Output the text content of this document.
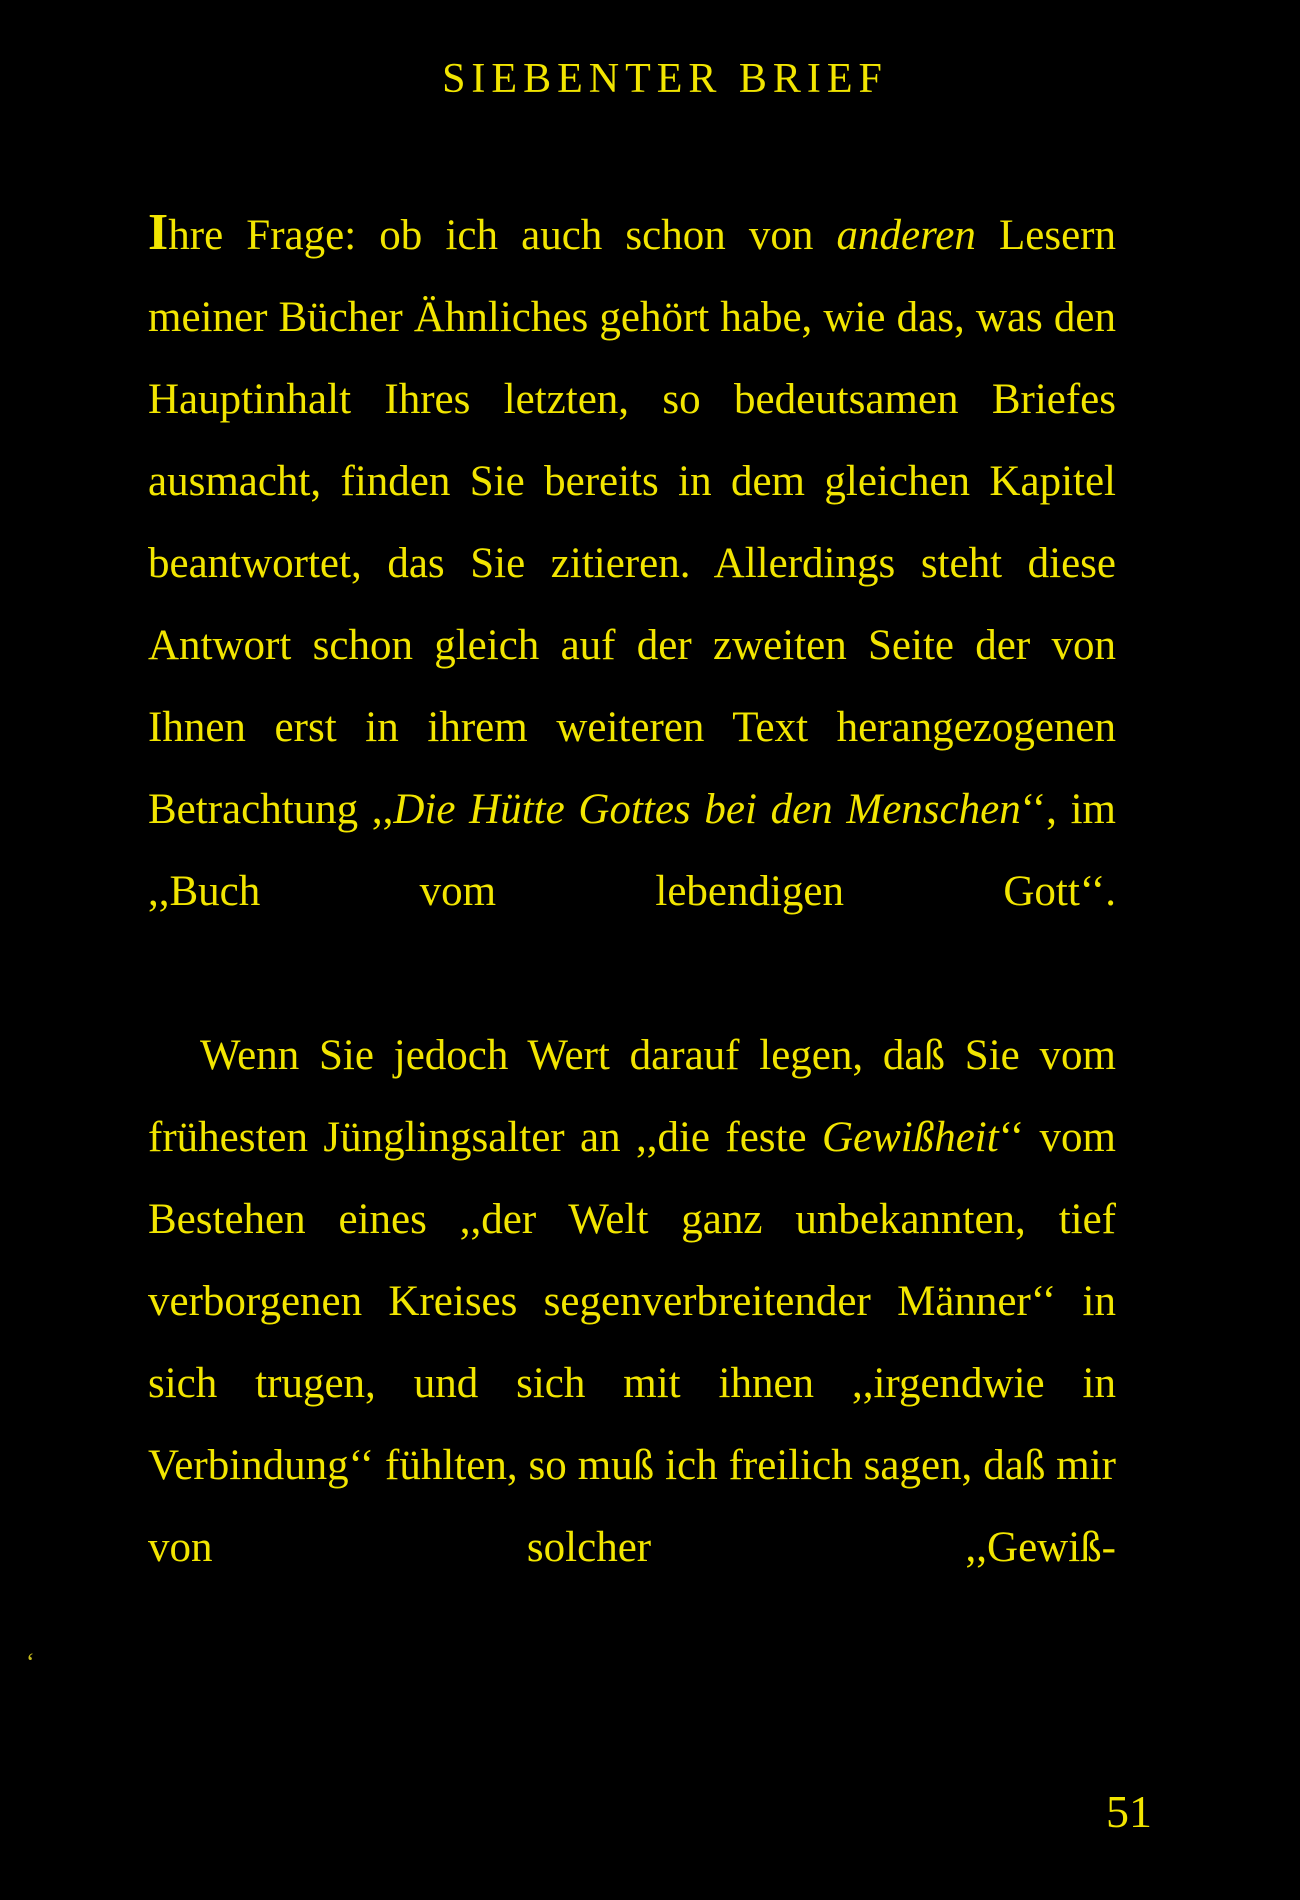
SIEBENTER BRIEF

Ihre Frage: ob ich auch schon von anderen Lesern meiner Bücher Ähnliches gehört habe, wie das, was den Hauptinhalt Ihres letzten, so bedeutsamen Briefes ausmacht, finden Sie bereits in dem gleichen Kapitel beantwortet, das Sie zitieren. Allerdings steht diese Antwort schon gleich auf der zweiten Seite der von Ihnen erst in ihrem weiteren Text herangezogenen Betrachtung ,,Die Hütte Gottes bei den Menschen‘‘, im ,,Buch vom lebendigen Gott‘‘.

Wenn Sie jedoch Wert darauf legen, daß Sie vom frühesten Jünglingsalter an ,,die feste Gewißheit‘‘ vom Bestehen eines ,,der Welt ganz unbekannten, tief verborgenen Kreises segenverbreitender Männer‘‘ in sich trugen, und sich mit ihnen ,,irgendwie in Verbindung‘‘ fühlten, so muß ich freilich sagen, daß mir von solcher ,,Gewiß-

‘
51
